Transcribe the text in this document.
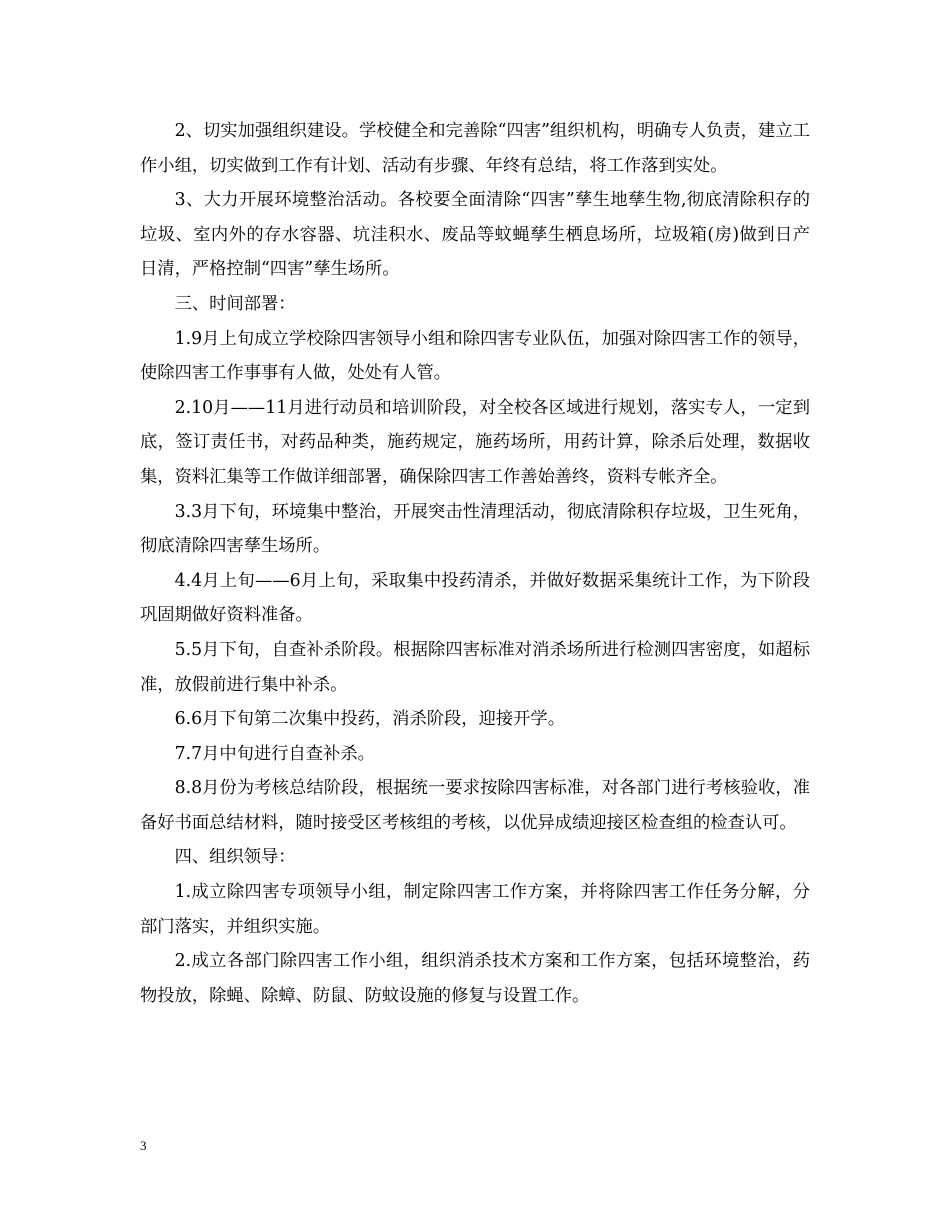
2、切实加强组织建设。学校健全和完善除“四害”组织机构，明确专人负责，建立工作小组，切实做到工作有计划、活动有步骤、年终有总结，将工作落到实处。

3、大力开展环境整治活动。各校要全面清除“四害”孳生地孳生物,彻底清除积存的垃圾、室内外的存水容器、坑洼积水、废品等蚊蝇孳生栖息场所，垃圾箱(房)做到日产日清，严格控制“四害”孳生场所。

三、时间部署：

1.9月上旬成立学校除四害领导小组和除四害专业队伍，加强对除四害工作的领导，使除四害工作事事有人做，处处有人管。

2.10月——11月进行动员和培训阶段，对全校各区域进行规划，落实专人，一定到底，签订责任书，对药品种类，施药规定，施药场所，用药计算，除杀后处理，数据收集，资料汇集等工作做详细部署，确保除四害工作善始善终，资料专帐齐全。

3.3月下旬，环境集中整治，开展突击性清理活动，彻底清除积存垃圾，卫生死角，彻底清除四害孳生场所。

4.4月上旬——6月上旬，采取集中投药清杀，并做好数据采集统计工作，为下阶段巩固期做好资料准备。

5.5月下旬，自查补杀阶段。根据除四害标准对消杀场所进行检测四害密度，如超标准，放假前进行集中补杀。

6.6月下旬第二次集中投药，消杀阶段，迎接开学。

7.7月中旬进行自查补杀。

8.8月份为考核总结阶段，根据统一要求按除四害标准，对各部门进行考核验收，准备好书面总结材料，随时接受区考核组的考核，以优异成绩迎接区检查组的检查认可。

四、组织领导：

1.成立除四害专项领导小组，制定除四害工作方案，并将除四害工作任务分解，分部门落实，并组织实施。

2.成立各部门除四害工作小组，组织消杀技术方案和工作方案，包括环境整治，药物投放，除蝇、除蟑、防鼠、防蚊设施的修复与设置工作。

3
